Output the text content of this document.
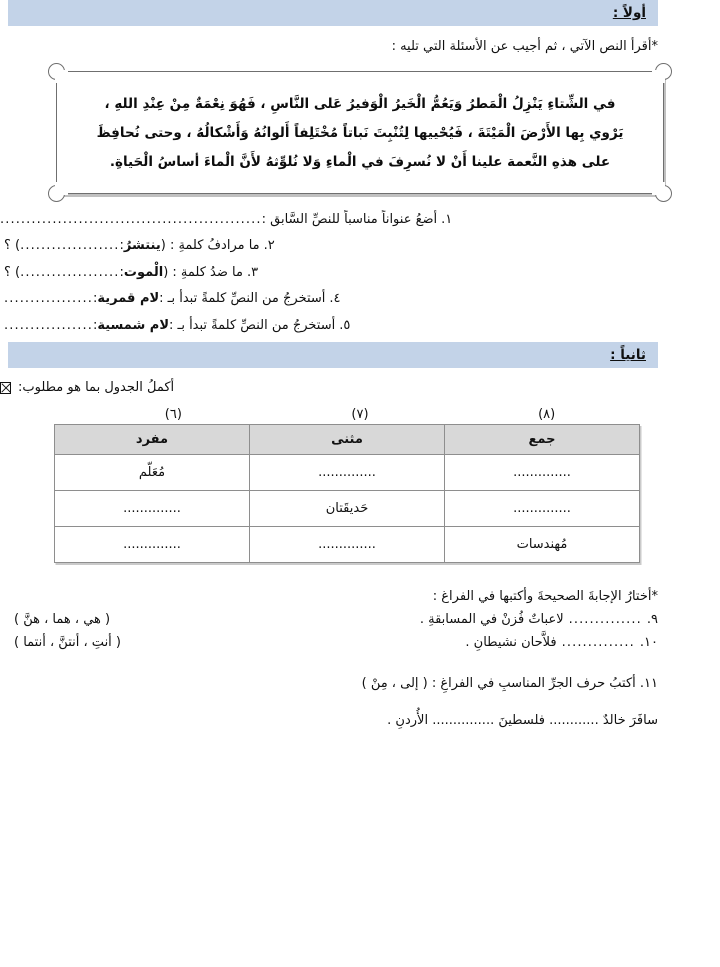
أولاً :
*أقرأ النص الآتي ، ثم أجيب عن الأسئلة التي تليه :
في الشِّتاءِ يَنْزِلُ الْمَطرُ وَيَعُمُّ الْخَيرُ الْوَفيرُ عَلى النَّاسِ ، فَهُوَ نِعْمَةٌ مِنْ عِنْدِ اللهِ ، يَرْوي بِها الأَرْضَ الْمَيْتَةَ ، فَيُحْييها لِتُنْبِتَ نَباتاً مُخْتَلِفاً أَلوانُهُ وَأَشْكالُهُ ، وحتى نُحافِظَ على هذهِ النَّعمة علينا أَنْ لا نُسرِفَ في الْماءِ وَلا نُلوِّثهُ لأَنَّ الْماءَ أساسُ الْحَياةِ.
١.
أضعُ عنواناً مناسباً للنصِّ السَّابق :
..................................................
٢.
ما مرادفُ كلمةِ : (
ينتشرُ
:
...................
) ؟
٣.
ما ضدُ كلمةِ : (
الْموت
:
...................
) ؟
٤.
أستخرجُ من النصِّ كلمةً تبدأ بـ :
لام قمرية
:
.................
٥.
أستخرجُ من النصِّ كلمةً تبدأ بـ :
لام شمسية
:
.................
ثانياً :
أكملُ الجدول بما هو مطلوب:
(٨)
(٧)
(٦)
جمع	مثنى	مفرد
..............	..............	مُعَلّم
..............	حَديقَتان	..............
مُهندسات	..............	..............
*أختارُ الإجابةَ الصحيحةَ وأكتبها في الفراغ :
٩.
..............
لاعباتٌ فُزنْ في المسابقةِ .
( هي ، هما ، هنَّ )
١٠.
..............
فلاَّحان نشيطانِ .
( أنتِ ، أنتنَّ ، أنتما )
١١. أكتبُ حرف الجرِّ المناسبِ في الفراغِ : ( إلى ، مِنْ )
سافَرَ خالدٌ ............ فلسطينَ ............... الأُردنِ .
